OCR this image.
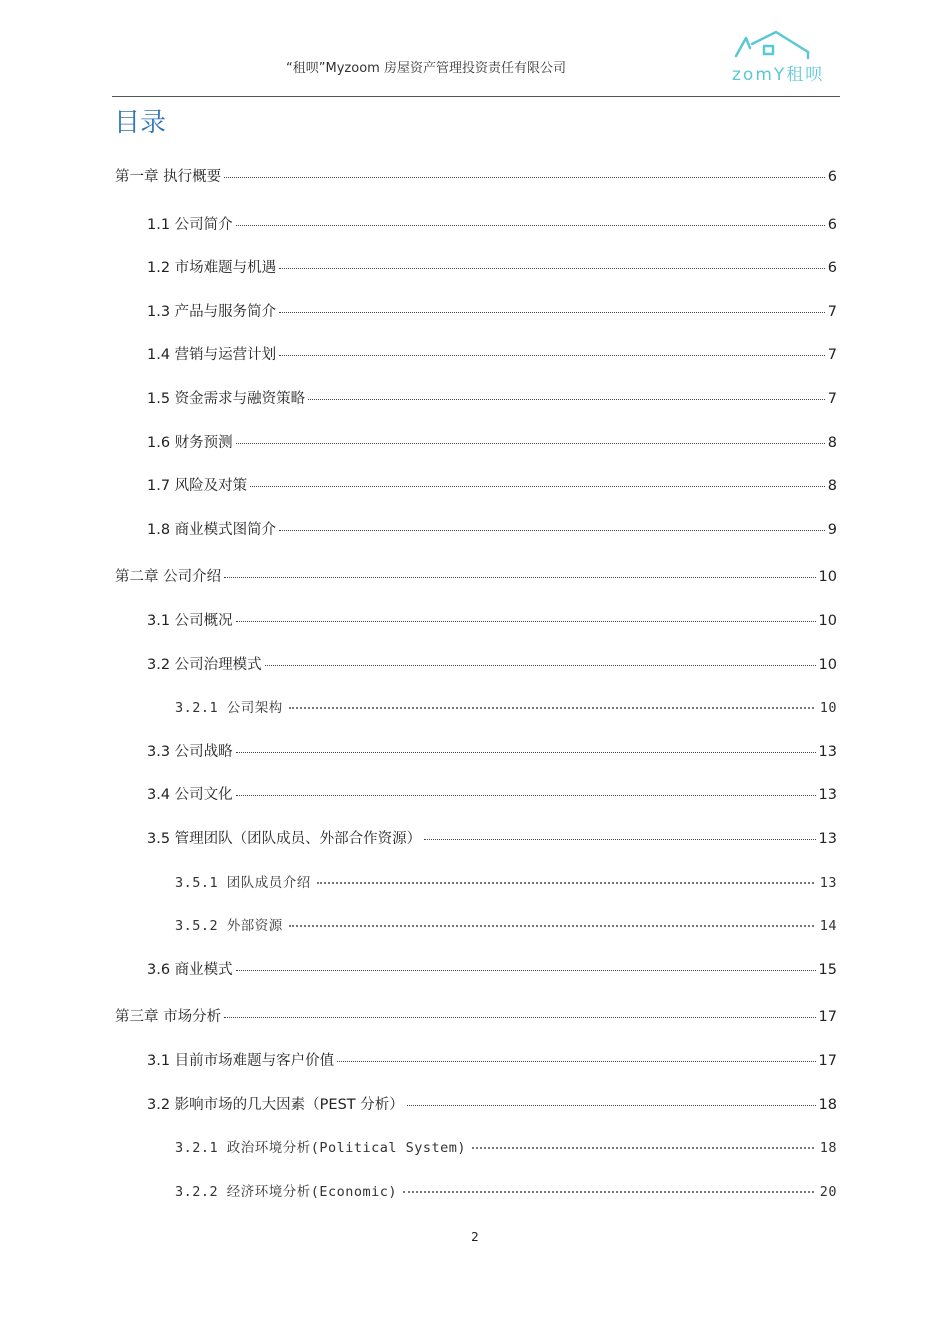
“租呗”Myzoom 房屋资产管理投资责任有限公司	zomY租呗
目录
第一章 执行概要	6
1.1 公司简介	6
1.2 市场难题与机遇	6
1.3 产品与服务简介	7
1.4 营销与运营计划	7
1.5 资金需求与融资策略	7
1.6 财务预测	8
1.7 风险及对策	8
1.8 商业模式图简介	9
第二章 公司介绍	10
3.1 公司概况	10
3.2 公司治理模式	10
3.2.1 公司架构	10
3.3 公司战略	13
3.4 公司文化	13
3.5 管理团队（团队成员、外部合作资源）	13
3.5.1 团队成员介绍	13
3.5.2 外部资源	14
3.6 商业模式	15
第三章 市场分析	17
3.1 目前市场难题与客户价值	17
3.2 影响市场的几大因素（PEST 分析）	18
3.2.1 政治环境分析(Political System)	18
3.2.2 经济环境分析(Economic)	20
2
